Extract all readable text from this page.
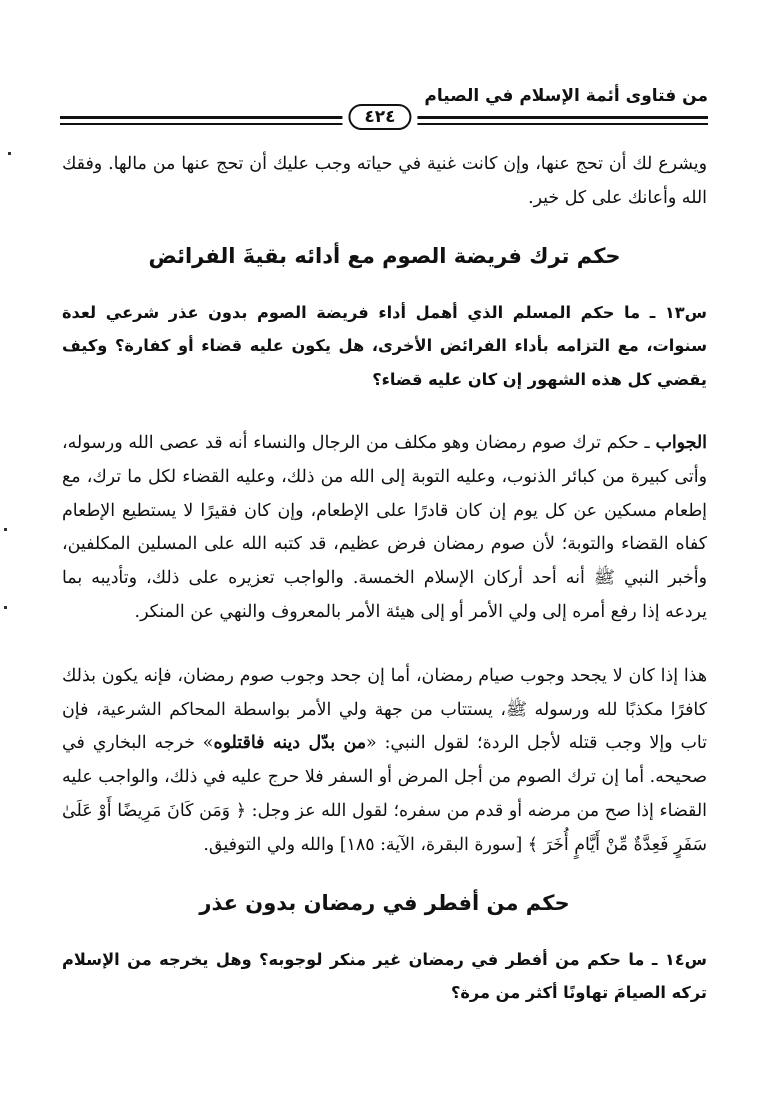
من فتاوى أئمة الإسلام في الصيام
٤٢٤

ويشرع لك أن تحج عنها، وإن كانت غنية في حياته وجب عليك أن تحج عنها من مالها. وفقك الله وأعانك على كل خير.

حكم ترك فريضة الصوم مع أدائه بقيةَ الفرائض

س١٣ ـ ما حكم المسلم الذي أهمل أداء فريضة الصوم بدون عذر شرعي لعدة سنوات، مع التزامه بأداء الفرائض الأخرى، هل يكون عليه قضاء أو كفارة؟ وكيف يقضي كل هذه الشهور إن كان عليه قضاء؟

الجواب ـ حكم ترك صوم رمضان وهو مكلف من الرجال والنساء أنه قد عصى الله ورسوله، وأتى كبيرة من كبائر الذنوب، وعليه التوبة إلى الله من ذلك، وعليه القضاء لكل ما ترك، مع إطعام مسكين عن كل يوم إن كان قادرًا على الإطعام، وإن كان فقيرًا لا يستطيع الإطعام كفاه القضاء والتوبة؛ لأن صوم رمضان فرض عظيم، قد كتبه الله على المسلين المكلفين، وأخبر النبي ﷺ أنه أحد أركان الإسلام الخمسة. والواجب تعزيره على ذلك، وتأديبه بما يردعه إذا رفع أمره إلى ولي الأمر أو إلى هيئة الأمر بالمعروف والنهي عن المنكر.

هذا إذا كان لا يجحد وجوب صيام رمضان، أما إن جحد وجوب صوم رمضان، فإنه يكون بذلك كافرًا مكذبًا لله ورسوله ﷺ، يستتاب من جهة ولي الأمر بواسطة المحاكم الشرعية، فإن تاب وإلا وجب قتله لأجل الردة؛ لقول النبي: «من بدّل دينه فاقتلوه» خرجه البخاري في صحيحه. أما إن ترك الصوم من أجل المرض أو السفر فلا حرج عليه في ذلك، والواجب عليه القضاء إذا صح من مرضه أو قدم من سفره؛ لقول الله عز وجل: ﴿ وَمَن كَانَ مَرِيضًا أَوْ عَلَىٰ سَفَرٍ فَعِدَّةٌ مِّنْ أَيَّامٍ أُخَرَ ﴾ [سورة البقرة، الآية: ١٨٥] والله ولي التوفيق.

حكم من أفطر في رمضان بدون عذر

س١٤ ـ ما حكم من أفطر في رمضان غير منكر لوجوبه؟ وهل يخرجه من الإسلام تركه الصيامَ تهاونًا أكثر من مرة؟
